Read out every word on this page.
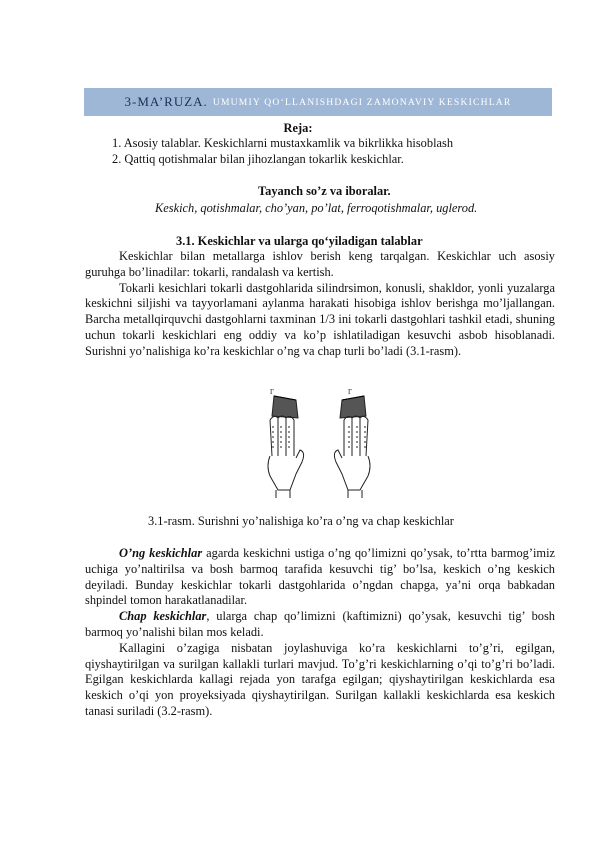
3-MA’RUZA. UMUMIY QO‘LLANISHDAGI ZAMONAVIY KESKICHLAR
Reja:
1. Asosiy talablar. Keskichlarni mustaxkamlik va bikrlikka hisoblash
2. Qattiq qotishmalar bilan jihozlangan tokarlik keskichlar.
Tayanch so’z va iboralar.
Keskich, qotishmalar, cho’yan, po’lat, ferroqotishmalar, uglerod.
3.1. Keskichlar va ularga qo‘yiladigan talablar

Keskichlar bilan metallarga ishlov berish keng tarqalgan. Keskichlar uch asosiy guruhga bo’linadilar: tokarli, randalash va kertish.

Tokarli kesichlari tokarli dastgohlarida silindrsimon, konusli, shakldor, yonli yuzalarga keskichni siljishi va tayyorlamani aylanma harakati hisobiga ishlov berishga mo’ljallangan. Barcha metallqirquvchi dastgohlarni taxminan 1/3 ini tokarli dastgohlari tashkil etadi, shuning uchun tokarli keskichlari eng oddiy va ko’p ishlatiladigan kesuvchi asbob hisoblanadi. Surishni yo’nalishiga ko’ra keskichlar o’ng va chap turli bo’ladi (3.1-rasm).

Г	Г
3.1-rasm. Surishni yo’nalishiga ko’ra o’ng va chap keskichlar

O’ng keskichlar agarda keskichni ustiga o’ng qo’limizni qo’ysak, to’rtta barmog’imiz uchiga yo’naltirilsa va bosh barmoq tarafida kesuvchi tig’ bo’lsa, keskich o’ng keskich deyiladi. Bunday keskichlar tokarli dastgohlarida o’ngdan chapga, ya’ni orqa babkadan shpindel tomon harakatlanadilar.

Chap keskichlar, ularga chap qo’limizni (kaftimizni) qo’ysak, kesuvchi tig’ bosh barmoq yo’nalishi bilan mos keladi.

Kallagini o’zagiga nisbatan joylashuviga ko’ra keskichlarni to’g’ri, egilgan, qiyshaytirilgan va surilgan kallakli turlari mavjud. To’g’ri keskichlarning o’qi to’g’ri bo’ladi. Egilgan keskichlarda kallagi rejada yon tarafga egilgan; qiyshaytirilgan keskichlarda esa keskich o’qi yon proyeksiyada qiyshaytirilgan. Surilgan kallakli keskichlarda esa keskich tanasi suriladi (3.2-rasm).
